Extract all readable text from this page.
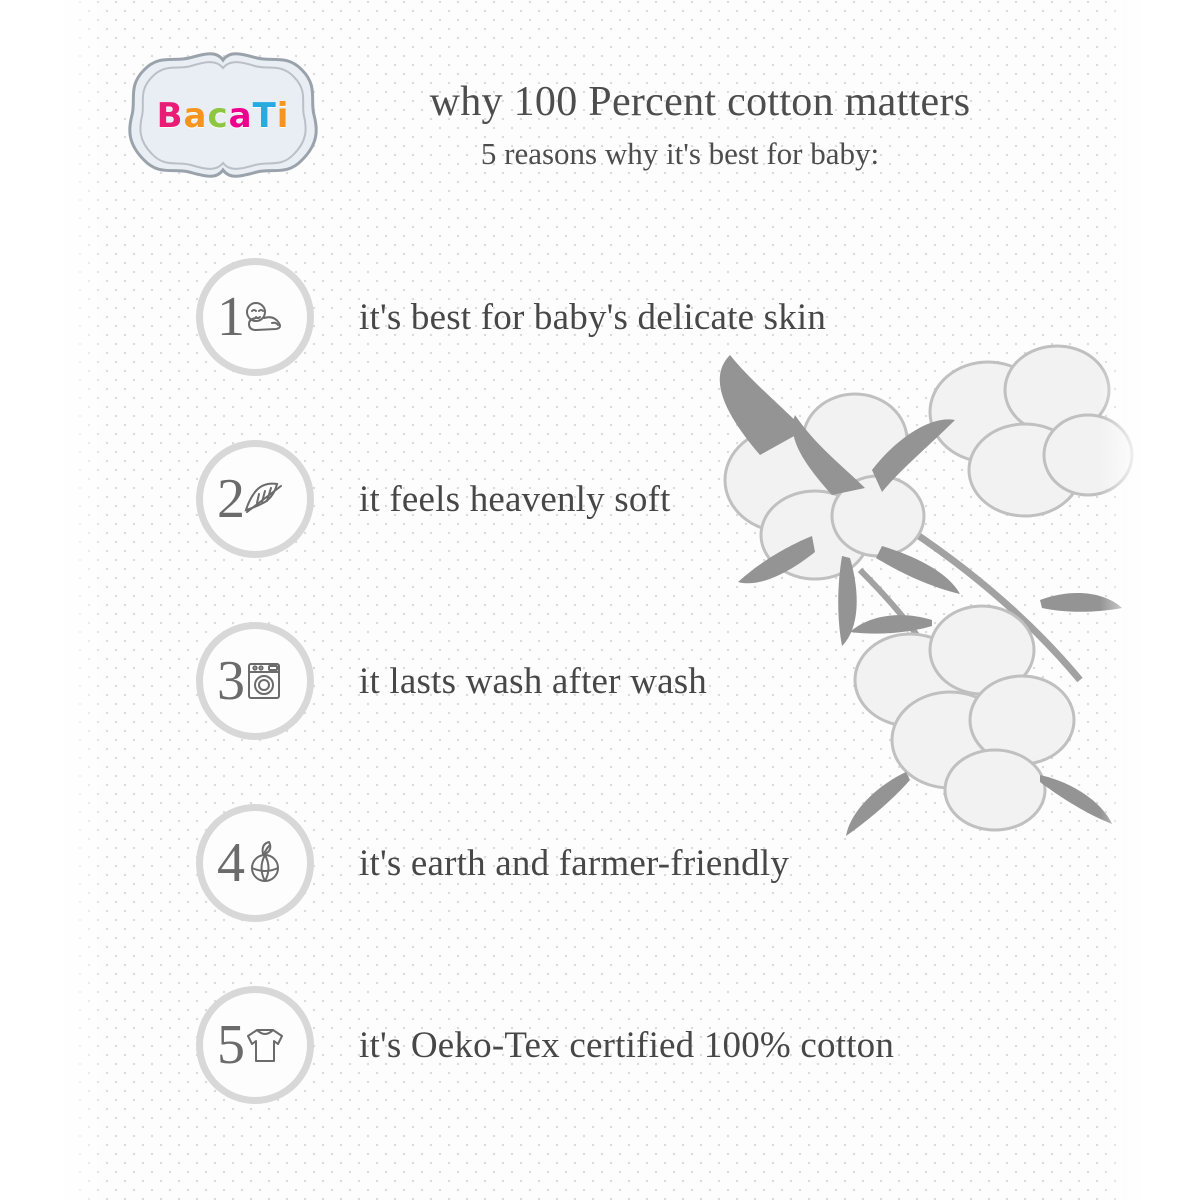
B a c a T i	why 100 Percent cotton matters
5 reasons why it's best for baby:
1	it's best for baby's delicate skin
2	it feels heavenly soft
3	it lasts wash after wash
4	it's earth and farmer-friendly
5	it's Oeko-Tex certified 100% cotton
